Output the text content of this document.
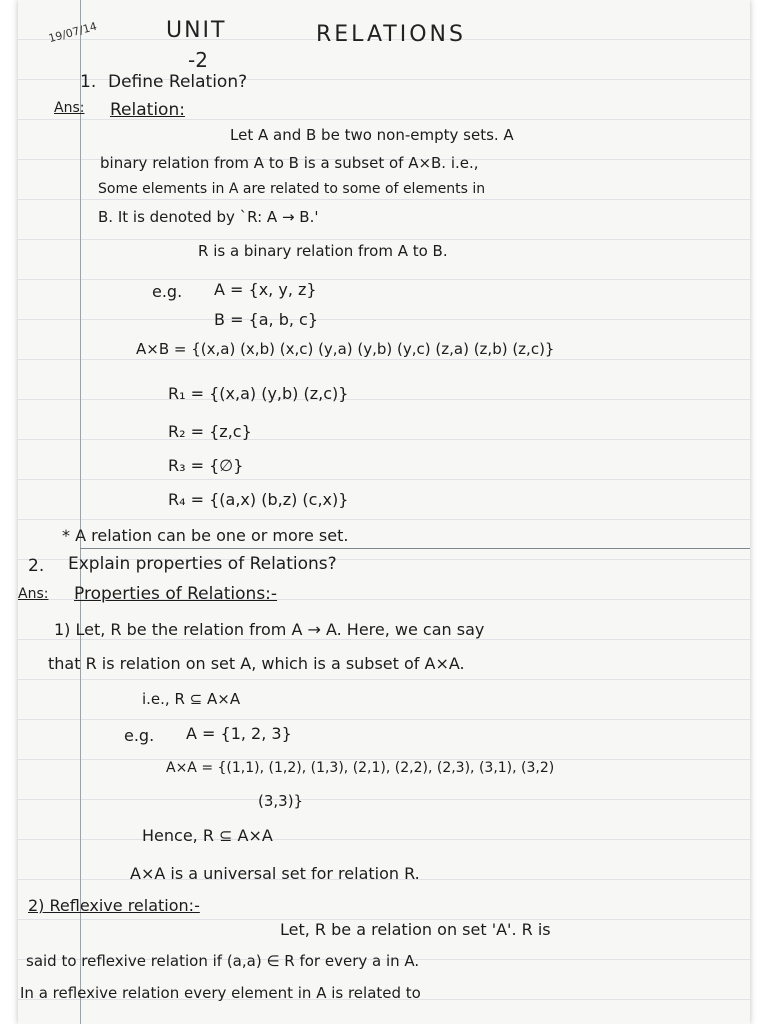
19/07/14	UNIT
-2
RELATIONS
1. Define Relation?
Ans: Relation:
Let A and B be two non-empty sets. A
binary relation from A to B is a subset of A×B. i.e.,
Some elements in A are related to some of elements in
B. It is denoted by `R: A → B.'
R is a binary relation from A to B.
e.g. A = {x, y, z}
B = {a, b, c}
A×B = {(x,a) (x,b) (x,c) (y,a) (y,b) (y,c) (z,a) (z,b) (z,c)}
R₁ = {(x,a) (y,b) (z,c)}
R₂ = {z,c}
R₃ = {∅}
R₄ = {(a,x) (b,z) (c,x)}
* A relation can be one or more set.
2. Explain properties of Relations?
Ans: Properties of Relations:-
1) Let, R be the relation from A → A. Here, we can say
that R is relation on set A, which is a subset of A×A.
i.e., R ⊆ A×A
e.g. A = {1, 2, 3}
A×A = {(1,1), (1,2), (1,3), (2,1), (2,2), (2,3), (3,1), (3,2)
(3,3)}
Hence, R ⊆ A×A
A×A is a universal set for relation R.
2) Reflexive relation:-
Let, R be a relation on set 'A'. R is
said to reflexive relation if (a,a) ∈ R for every a in A.
In a reflexive relation every element in A is related to
